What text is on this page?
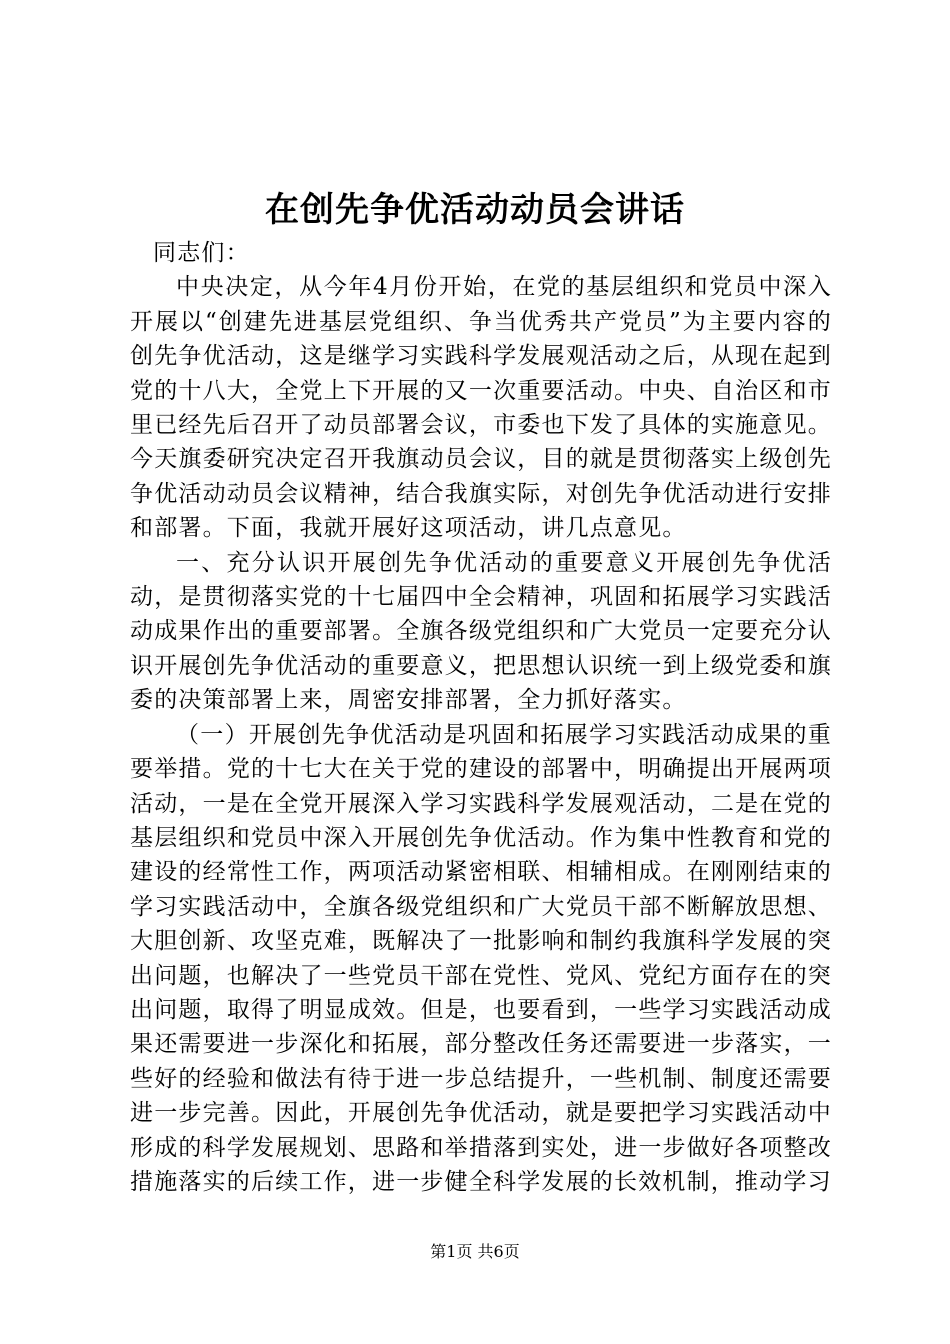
在创先争优活动动员会讲话

同志们：

中央决定，从今年4月份开始，在党的基层组织和党员中深入开展以“创建先进基层党组织、争当优秀共产党员”为主要内容的创先争优活动，这是继学习实践科学发展观活动之后，从现在起到党的十八大，全党上下开展的又一次重要活动。中央、自治区和市里已经先后召开了动员部署会议，市委也下发了具体的实施意见。今天旗委研究决定召开我旗动员会议，目的就是贯彻落实上级创先争优活动动员会议精神，结合我旗实际，对创先争优活动进行安排和部署。下面，我就开展好这项活动，讲几点意见。

一、充分认识开展创先争优活动的重要意义开展创先争优活动，是贯彻落实党的十七届四中全会精神，巩固和拓展学习实践活动成果作出的重要部署。全旗各级党组织和广大党员一定要充分认识开展创先争优活动的重要意义，把思想认识统一到上级党委和旗委的决策部署上来，周密安排部署，全力抓好落实。

（一）开展创先争优活动是巩固和拓展学习实践活动成果的重要举措。党的十七大在关于党的建设的部署中，明确提出开展两项活动，一是在全党开展深入学习实践科学发展观活动，二是在党的基层组织和党员中深入开展创先争优活动。作为集中性教育和党的建设的经常性工作，两项活动紧密相联、相辅相成。在刚刚结束的学习实践活动中，全旗各级党组织和广大党员干部不断解放思想、大胆创新、攻坚克难，既解决了一批影响和制约我旗科学发展的突出问题，也解决了一些党员干部在党性、党风、党纪方面存在的突出问题，取得了明显成效。但是，也要看到，一些学习实践活动成果还需要进一步深化和拓展，部分整改任务还需要进一步落实，一些好的经验和做法有待于进一步总结提升，一些机制、制度还需要进一步完善。因此，开展创先争优活动，就是要把学习实践活动中形成的科学发展规划、思路和举措落到实处，进一步做好各项整改措施落实的后续工作，进一步健全科学发展的长效机制，推动学习

第1页 共6页
